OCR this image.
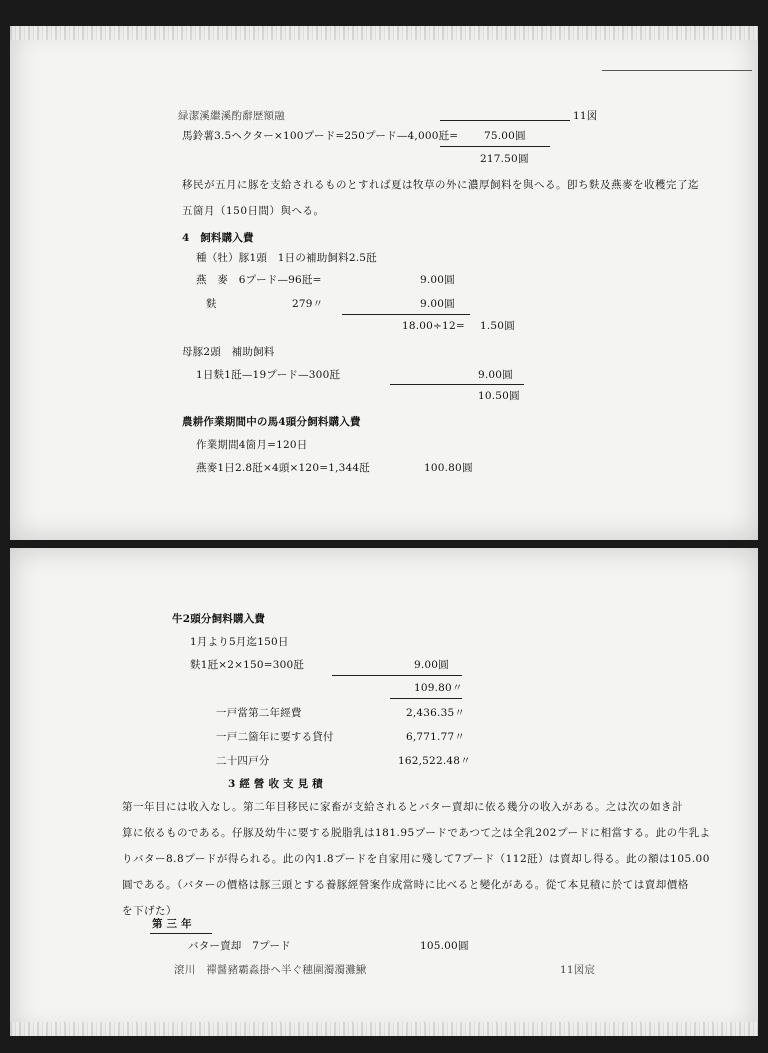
緑潔溪繼溪酌辭歴額融	11図
馬鈴薯3.5ヘクター×100プード=250プード—4,000瓩= 75.00圓
217.50圓
移民が五月に豚を支給されるものとすれば夏は牧草の外に濃厚飼料を與へる。卽ち麩及燕麥を收穫完了迄
五箇月（150日間）與へる。
4　飼料購入費
種（牡）豚1頭　1日の補助飼料2.5瓩
燕　麥　6プード—96瓩=	9.00圓
麩	279〃	9.00圓
18.00÷12= 1.50圓
母豚2頭　補助飼料
1日麩1瓩—19プード—300瓩	9.00圓
10.50圓
農耕作業期間中の馬4頭分飼料購入費
作業期間4箇月=120日
燕麥1日2.8瓩×4頭×120=1,344瓩	100.80圓
牛2頭分飼料購入費
1月より5月迄150日
麩1瓩×2×150=300瓩	9.00圓
109.80〃
一戸當第二年經費	2,436.35〃
一戸二箇年に要する貸付	6,771.77〃
二十四戸分	162,522.48〃
3 經 營 收 支 見 積
第一年目には收入なし。第二年目移民に家畜が支給されるとバター賣却に依る幾分の收入がある。之は次の如き計
算に依るものである。仔豚及幼牛に要する脱脂乳は181.95プードであつて之は全乳202プードに相當する。此の牛乳よ
りバター8.8プードが得られる。此の內1.8プードを自家用に殘して7プード（112瓩）は賣却し得る。此の額は105.00
圓である。（バターの價格は豚三頭とする養豚經營案作成當時に比べると變化がある。從て本見積に於ては賣却價格
を下げた）
第 三 年
バター賣却　7プード	105.00圓
滾川　禪醤豬霸淼掛ヘ半ぐ穗圍濁濁灘鰍	11図宸
